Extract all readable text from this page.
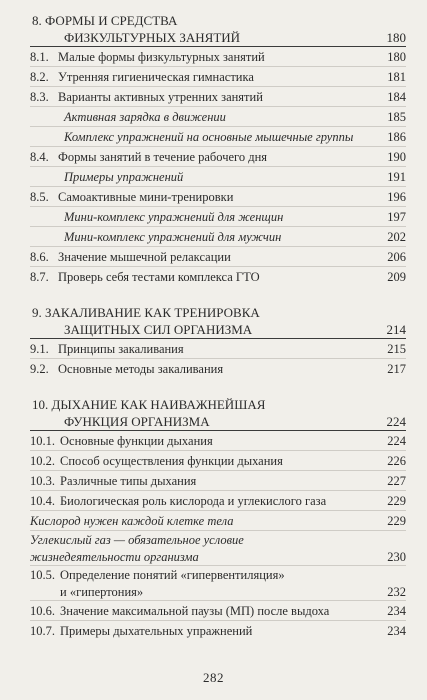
8. ФОРМЫ И СРЕДСТВА
ФИЗКУЛЬТУРНЫХ ЗАНЯТИЙ	180
8.1. Малые формы физкультурных занятий	180
8.2. Утренняя гигиеническая гимнастика	181
8.3. Варианты активных утренних занятий	184
Активная зарядка в движении	185
Комплекс упражнений на основные мышечные группы	186
8.4. Формы занятий в течение рабочего дня	190
Примеры упражнений	191
8.5. Самоактивные мини-тренировки	196
Мини-комплекс упражнений для женщин	197
Мини-комплекс упражнений для мужчин	202
8.6. Значение мышечной релаксации	206
8.7. Проверь себя тестами комплекса ГТО	209
9. ЗАКАЛИВАНИЕ КАК ТРЕНИРОВКА
ЗАЩИТНЫХ СИЛ ОРГАНИЗМА	214
9.1. Принципы закаливания	215
9.2. Основные методы закаливания	217
10. ДЫХАНИЕ КАК НАИВАЖНЕЙШАЯ
ФУНКЦИЯ ОРГАНИЗМА	224
10.1. Основные функции дыхания	224
10.2. Способ осуществления функции дыхания	226
10.3. Различные типы дыхания	227
10.4. Биологическая роль кислорода и углекислого газа	229
Кислород нужен каждой клетке тела	229
Углекислый газ — обязательное условие
жизнедеятельности организма	230
10.5. Определение понятий «гипервентиляция»
и «гипертония»	232
10.6. Значение максимальной паузы (МП) после выдоха	234
10.7. Примеры дыхательных упражнений	234
282
